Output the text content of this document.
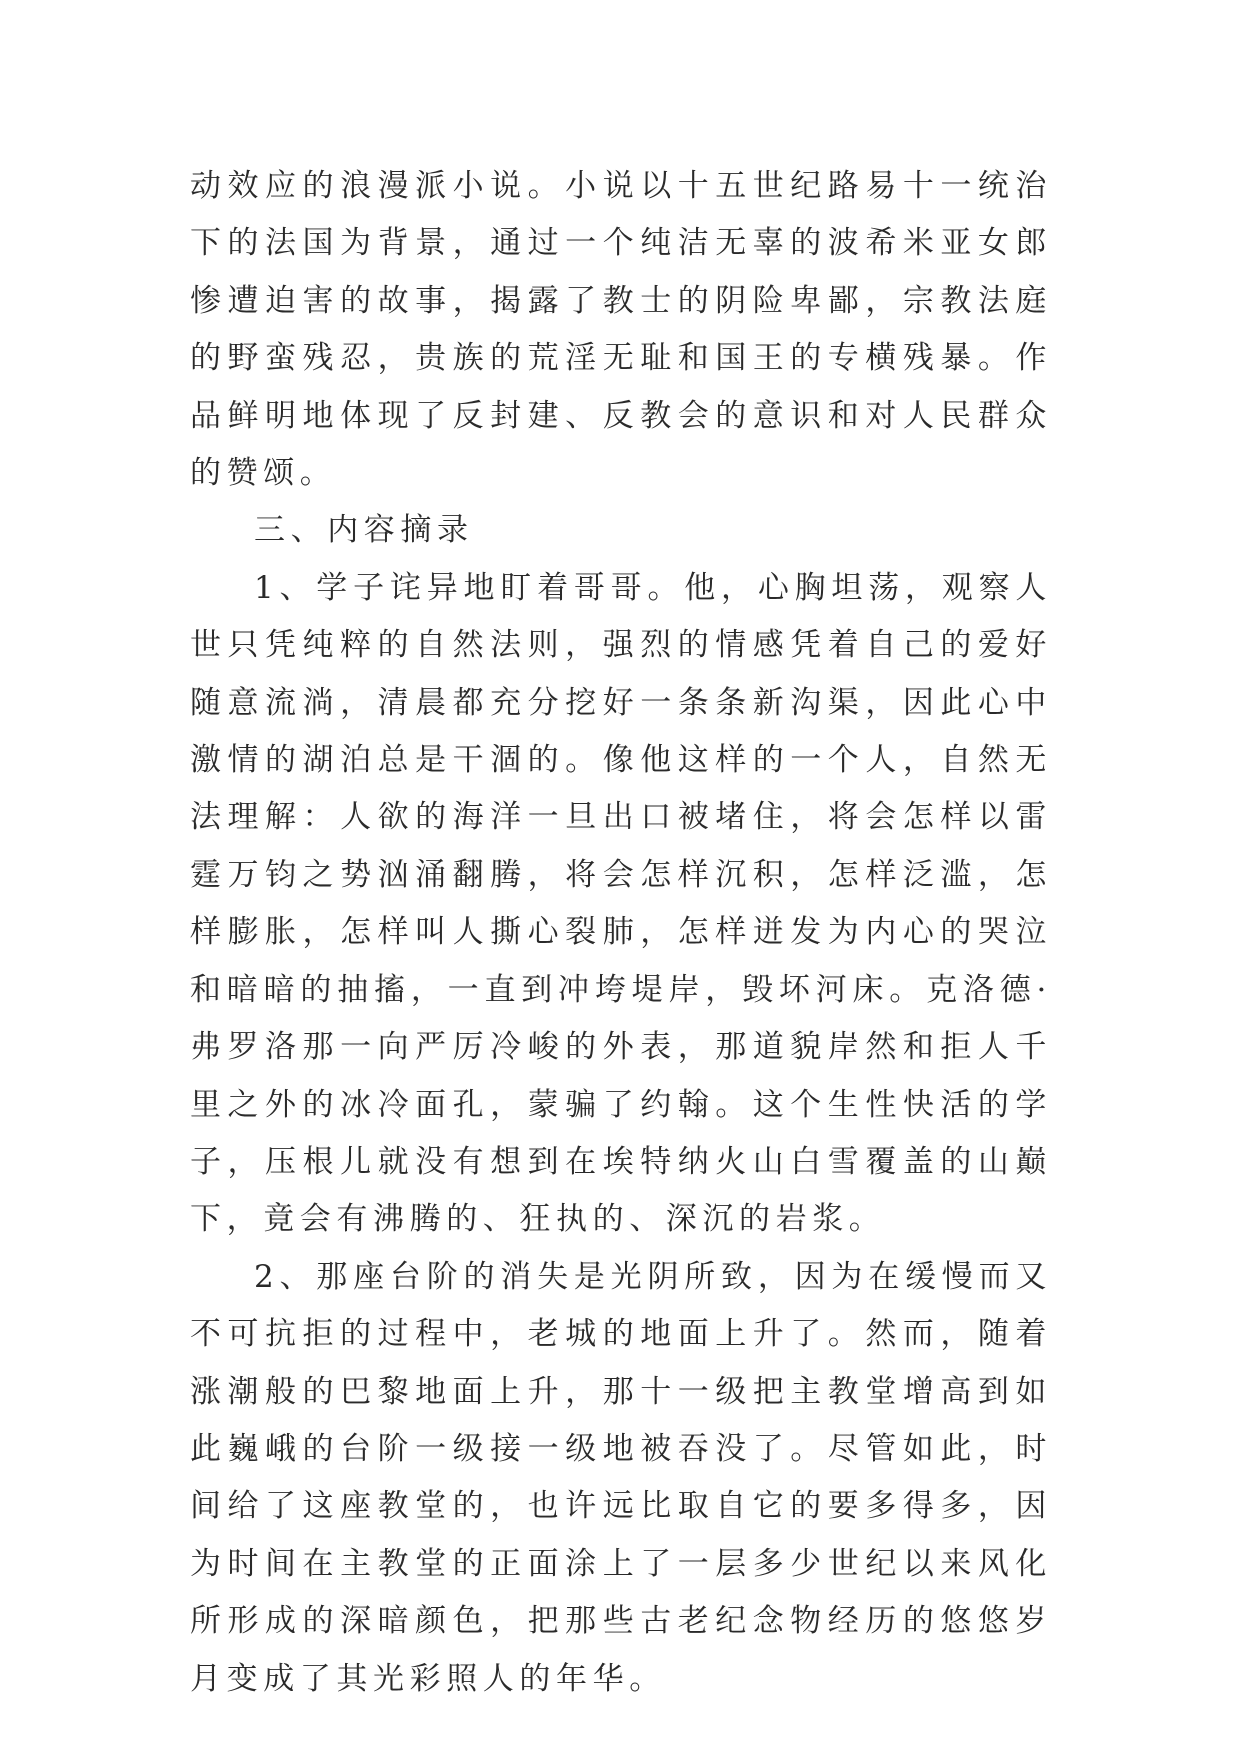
动效应的浪漫派小说。小说以十五世纪路易十一统治下的法国为背景，通过一个纯洁无辜的波希米亚女郎惨遭迫害的故事，揭露了教士的阴险卑鄙，宗教法庭的野蛮残忍，贵族的荒淫无耻和国王的专横残暴。作品鲜明地体现了反封建、反教会的意识和对人民群众的赞颂。

三、内容摘录

1、学子诧异地盯着哥哥。他，心胸坦荡，观察人世只凭纯粹的自然法则，强烈的情感凭着自己的爱好随意流淌，清晨都充分挖好一条条新沟渠，因此心中激情的湖泊总是干涸的。像他这样的一个人，自然无法理解：人欲的海洋一旦出口被堵住，将会怎样以雷霆万钧之势汹涌翻腾，将会怎样沉积，怎样泛滥，怎样膨胀，怎样叫人撕心裂肺，怎样迸发为内心的哭泣和暗暗的抽搐，一直到冲垮堤岸，毁坏河床。克洛德·弗罗洛那一向严厉冷峻的外表，那道貌岸然和拒人千里之外的冰冷面孔，蒙骗了约翰。这个生性快活的学子，压根儿就没有想到在埃特纳火山白雪覆盖的山巅下，竟会有沸腾的、狂执的、深沉的岩浆。

2、那座台阶的消失是光阴所致，因为在缓慢而又不可抗拒的过程中，老城的地面上升了。然而，随着涨潮般的巴黎地面上升，那十一级把主教堂增高到如此巍峨的台阶一级接一级地被吞没了。尽管如此，时间给了这座教堂的，也许远比取自它的要多得多，因为时间在主教堂的正面涂上了一层多少世纪以来风化所形成的深暗颜色，把那些古老纪念物经历的悠悠岁月变成了其光彩照人的年华。
